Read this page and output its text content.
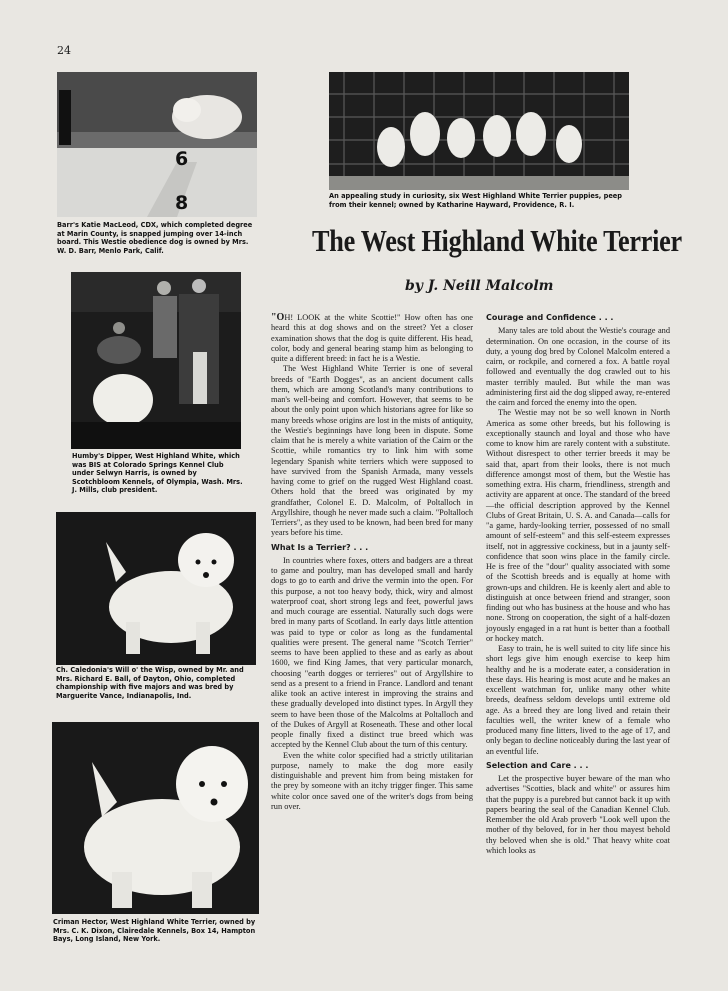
24
6
8
Barr's Katie MacLeod, CDX, which completed degree at Marin County, is snapped jumping over 14-inch board. This Westie obedience dog is owned by Mrs. W. D. Barr, Menlo Park, Calif.
An appealing study in curiosity, six West Highland White Terrier puppies, peep from their kennel; owned by Katharine Hayward, Providence, R. I.
The West Highland White Terrier
by J. Neill Malcolm
Humby's Dipper, West Highland White, which was BIS at Colorado Springs Kennel Club under Selwyn Harris, is owned by Scotchbloom Kennels, of Olympia, Wash. Mrs. J. Mills, club president.
Ch. Caledonia's Will o' the Wisp, owned by Mr. and Mrs. Richard E. Ball, of Dayton, Ohio, completed championship with five majors and was bred by Marguerite Vance, Indianapolis, Ind.
Criman Hector, West Highland White Terrier, owned by Mrs. C. K. Dixon, Clairedale Kennels, Box 14, Hampton Bays, Long Island, New York.

"OH! LOOK at the white Scottie!" How often has one heard this at dog shows and on the street? Yet a closer examination shows that the dog is quite different. His head, color, body and general bearing stamp him as belonging to quite a different breed: in fact he is a Westie.

The West Highland White Terrier is one of several breeds of "Earth Dogges", as an ancient document calls them, which are among Scotland's many contributions to man's well-being and comfort. However, that seems to be about the only point upon which historians agree for like so many breeds whose origins are lost in the mists of antiquity, the Westie's beginnings have long been in dispute. Some claim that he is merely a white variation of the Cairn or the Scottie, while romantics try to link him with some legendary Spanish white terriers which were supposed to have survived from the Spanish Armada, many vessels having come to grief on the rugged West Highland coast. Others hold that the breed was originated by my grandfather, Colonel E. D. Malcolm, of Poltalloch in Argyllshire, though he never made such a claim. "Poltalloch Terriers", as they used to be known, had been bred for many years before his time.

What Is a Terrier? . . .

In countries where foxes, otters and badgers are a threat to game and poultry, man has developed small and hardy dogs to go to earth and drive the vermin into the open. For this purpose, a not too heavy body, thick, wiry and almost waterproof coat, short strong legs and feet, powerful jaws and much courage are essential. Naturally such dogs were bred in many parts of Scotland. In early days little attention was paid to type or color as long as the fundamental qualities were present. The general name "Scotch Terrier" seems to have been applied to these and as early as about 1600, we find King James, that very particular monarch, choosing "earth dogges or terrieres" out of Argyllshire to send as a present to a friend in France. Landlord and tenant alike took an active interest in improving the strains and these gradually developed into distinct types. In Argyll they seem to have been those of the Malcolms at Poltalloch and of the Dukes of Argyll at Roseneath. These and other local people finally fixed a distinct true breed which was accepted by the Kennel Club about the turn of this century.

Even the white color specified had a strictly utilitarian purpose, namely to make the dog more easily distinguishable and prevent him from being mistaken for the prey by someone with an itchy trigger finger. This same white color once saved one of the writer's dogs from being run over.

Courage and Confidence . . .

Many tales are told about the Westie's courage and determination. On one occasion, in the course of its duty, a young dog bred by Colonel Malcolm entered a cairn, or rockpile, and cornered a fox. A battle royal followed and eventually the dog crawled out to his master terribly mauled. But while the man was administering first aid the dog slipped away, re-entered the cairn and forced the enemy into the open.

The Westie may not be so well known in North America as some other breeds, but his following is exceptionally staunch and loyal and those who have come to know him are rarely content with a substitute. Without disrespect to other terrier breeds it may be said that, apart from their looks, there is not much difference amongst most of them, but the Westie has something extra. His charm, friendliness, strength and activity are apparent at once. The standard of the breed—the official description approved by the Kennel Clubs of Great Britain, U. S. A. and Canada—calls for "a game, hardy-looking terrier, possessed of no small amount of self-esteem" and this self-esteem expresses itself, not in aggressive cockiness, but in a jaunty self-confidence that soon wins place in the family circle. He is free of the "dour" quality associated with some of the Scottish breeds and is equally at home with grown-ups and children. He is keenly alert and able to distinguish at once between friend and stranger, soon finding out who has business at the house and who has none. Strong on cooperation, the sight of a half-dozen joyously engaged in a rat hunt is better than a football or hockey match.

Easy to train, he is well suited to city life since his short legs give him enough exercise to keep him healthy and he is a moderate eater, a consideration in these days. His hearing is most acute and he makes an excellent watchman for, unlike many other white breeds, deafness seldom develops until extreme old age. As a breed they are long lived and retain their faculties well, the writer knew of a female who produced many fine litters, lived to the age of 17, and only began to decline noticeably during the last year of an eventful life.

Selection and Care . . .

Let the prospective buyer beware of the man who advertises "Scotties, black and white" or assures him that the puppy is a purebred but cannot back it up with papers bearing the seal of the Canadian Kennel Club. Remember the old Arab proverb "Look well upon the mother of thy beloved, for in her thou mayest behold thy beloved when she is old." That heavy white coat which looks as
